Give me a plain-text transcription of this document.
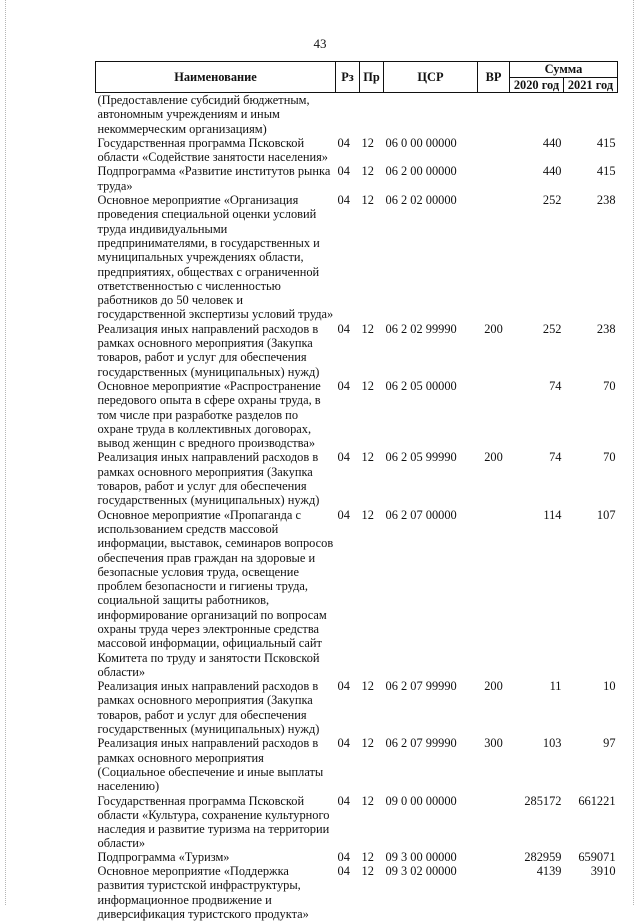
43
Наименование	Рз	Пр	ЦСР	ВР	Сумма	
					2020 год	2021 год
(Предоставление субсидий бюджетным, автономным учреждениям и иным некоммерческим организациям)						
Государственная программа Псковской области «Содействие занятости населения»	04	12	06 0 00 00000		440	415
Подпрограмма «Развитие институтов рынка труда»	04	12	06 2 00 00000		440	415
Основное мероприятие «Организация проведения специальной оценки условий труда индивидуальными предпринимателями, в государственных и муниципальных учреждениях области, предприятиях, обществах с ограниченной ответственностью с численностью работников до 50 человек и государственной экспертизы условий труда»	04	12	06 2 02 00000		252	238
Реализация иных направлений расходов в рамках основного мероприятия (Закупка товаров, работ и услуг для обеспечения государственных (муниципальных) нужд)	04	12	06 2 02 99990	200	252	238
Основное мероприятие «Распространение передового опыта в сфере охраны труда, в том числе при разработке разделов по охране труда в коллективных договорах, вывод женщин с вредного производства»	04	12	06 2 05 00000		74	70
Реализация иных направлений расходов в рамках основного мероприятия (Закупка товаров, работ и услуг для обеспечения государственных (муниципальных) нужд)	04	12	06 2 05 99990	200	74	70
Основное мероприятие «Пропаганда с использованием средств массовой информации, выставок, семинаров вопросов обеспечения прав граждан на здоровые и безопасные условия труда, освещение проблем безопасности и гигиены труда, социальной защиты работников, информирование организаций по вопросам охраны труда через электронные средства массовой информации, официальный сайт Комитета по труду и занятости Псковской области»	04	12	06 2 07 00000		114	107
Реализация иных направлений расходов в рамках основного мероприятия (Закупка товаров, работ и услуг для обеспечения государственных (муниципальных) нужд)	04	12	06 2 07 99990	200	11	10
Реализация иных направлений расходов в рамках основного мероприятия (Социальное обеспечение и иные выплаты населению)	04	12	06 2 07 99990	300	103	97
Государственная программа Псковской области «Культура, сохранение культурного наследия и развитие туризма на территории области»	04	12	09 0 00 00000		285172	661221
Подпрограмма «Туризм»	04	12	09 3 00 00000		282959	659071
Основное мероприятие «Поддержка развития туристской инфраструктуры, информационное продвижение и диверсификация туристского продукта»	04	12	09 3 02 00000		4139	3910
